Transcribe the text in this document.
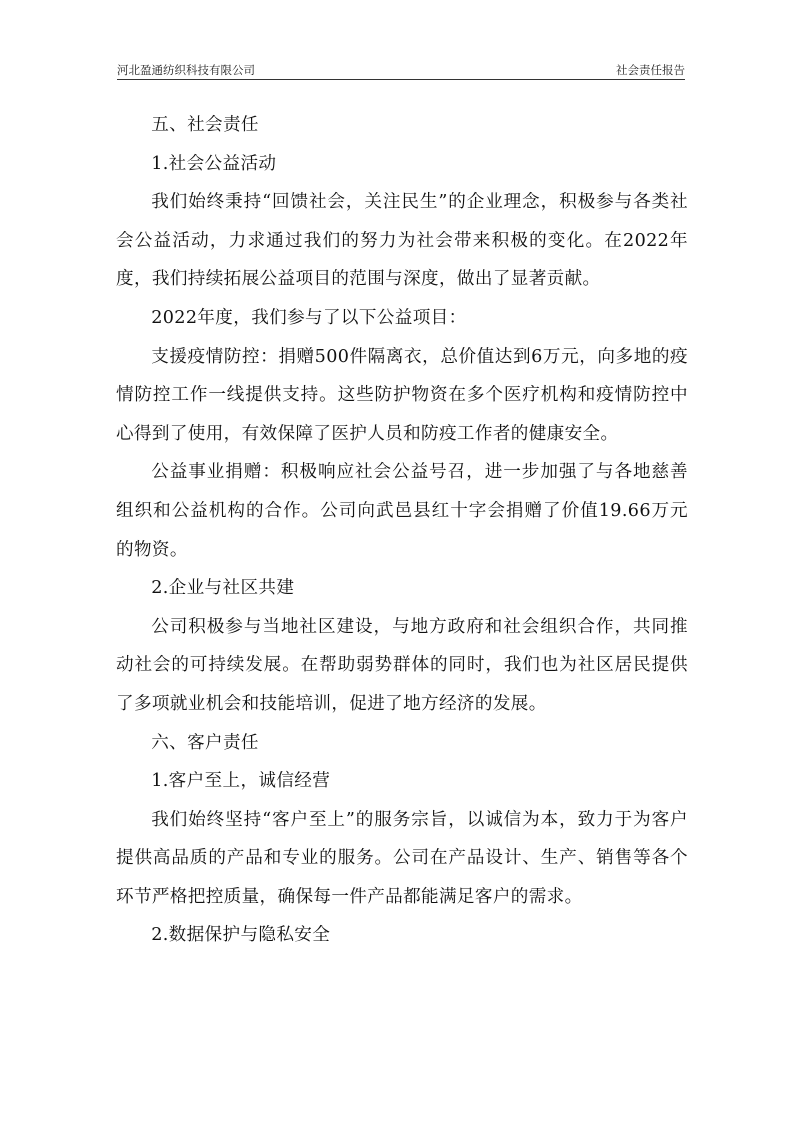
河北盈通纺织科技有限公司	社会责任报告

五、社会责任

1.社会公益活动

我们始终秉持“回馈社会，关注民生”的企业理念，积极参与各类社会公益活动，力求通过我们的努力为社会带来积极的变化。在2022年度，我们持续拓展公益项目的范围与深度，做出了显著贡献。

2022年度，我们参与了以下公益项目：

支援疫情防控：捐赠500件隔离衣，总价值达到6万元，向多地的疫情防控工作一线提供支持。这些防护物资在多个医疗机构和疫情防控中心得到了使用，有效保障了医护人员和防疫工作者的健康安全。

公益事业捐赠：积极响应社会公益号召，进一步加强了与各地慈善组织和公益机构的合作。公司向武邑县红十字会捐赠了价值19.66万元的物资。

2.企业与社区共建

公司积极参与当地社区建设，与地方政府和社会组织合作，共同推动社会的可持续发展。在帮助弱势群体的同时，我们也为社区居民提供了多项就业机会和技能培训，促进了地方经济的发展。

六、客户责任

1.客户至上，诚信经营

我们始终坚持“客户至上”的服务宗旨，以诚信为本，致力于为客户提供高品质的产品和专业的服务。公司在产品设计、生产、销售等各个环节严格把控质量，确保每一件产品都能满足客户的需求。

2.数据保护与隐私安全
